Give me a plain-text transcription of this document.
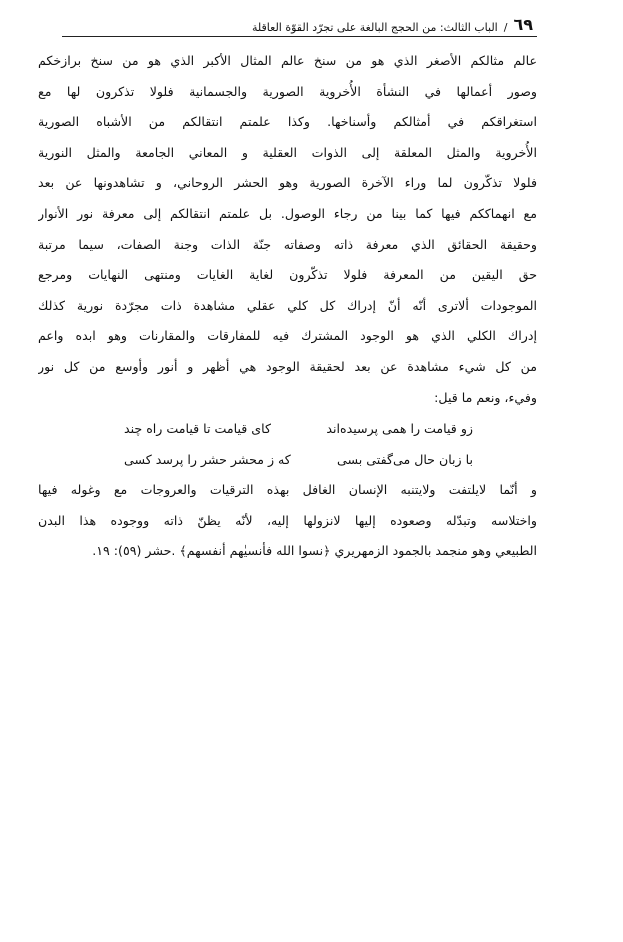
٦٩
/
الباب الثالث: من الحجج البالغة على تجرّد القوّة العاقلة
عالم مثالكم الأصغر الذي هو من سنخ عالم المثال الأكبر الذي هو من سنخ برازخكم
وصور أعمالها في النشأة الأُخروية الصورية والجسمانية فلولا تذكرون لها مع
استغراقكم في أمثالكم وأسناخها. وكذا علمتم انتقالكم من الأشباه الصورية
الأُخروية والمثل المعلقة إلى الذوات العقلية و المعاني الجامعة والمثل النورية
فلولا تذكّرون لما وراء الآخرة الصورية وهو الحشر الروحاني، و تشاهدونها عن بعد
مع انهماككم فيها كما بينا من رجاء الوصول. بل علمتم انتقالكم إلى معرفة نور الأنوار
وحقيقة الحقائق الذي معرفة ذاته وصفاته جنّة الذات وجنة الصفات، سيما مرتبة
حق اليقين من المعرفة فلولا تذكّرون لغاية الغايات ومنتهى النهايات ومرجع
الموجودات ألاترى أنّه أنّ إدراك كل كلي عقلي مشاهدة ذات مجرّدة نورية كذلك
إدراك الكلي الذي هو الوجود المشترك فيه للمفارقات والمقارنات وهو ابده واعم
من كل شيء مشاهدة عن بعد لحقيقة الوجود هي أظهر و أنور وأوسع من كل نور
وفيء، ونعم ما قيل:
زو قيامت را همی پرسیده‌اند
کای قیامت تا قیامت راه چند
با زبان حال می‌گفتی بسی
که ز محشر حشر را پرسد کسی
و أنّما لايلتفت ولايتنبه الإنسان الغافل بهذه الترقيات والعروجات مع وغوله فيها
واختلاسه وتبدّله وصعوده إليها لانزولها إليه، لأنّه يظنّ ذاته ووجوده هذا البدن
الطبيعي وهو منجمد بالجمود الزمهريري ﴿نسوا الله فأنسيٰهم أنفسهم﴾ .حشر (٥٩): ١٩.
